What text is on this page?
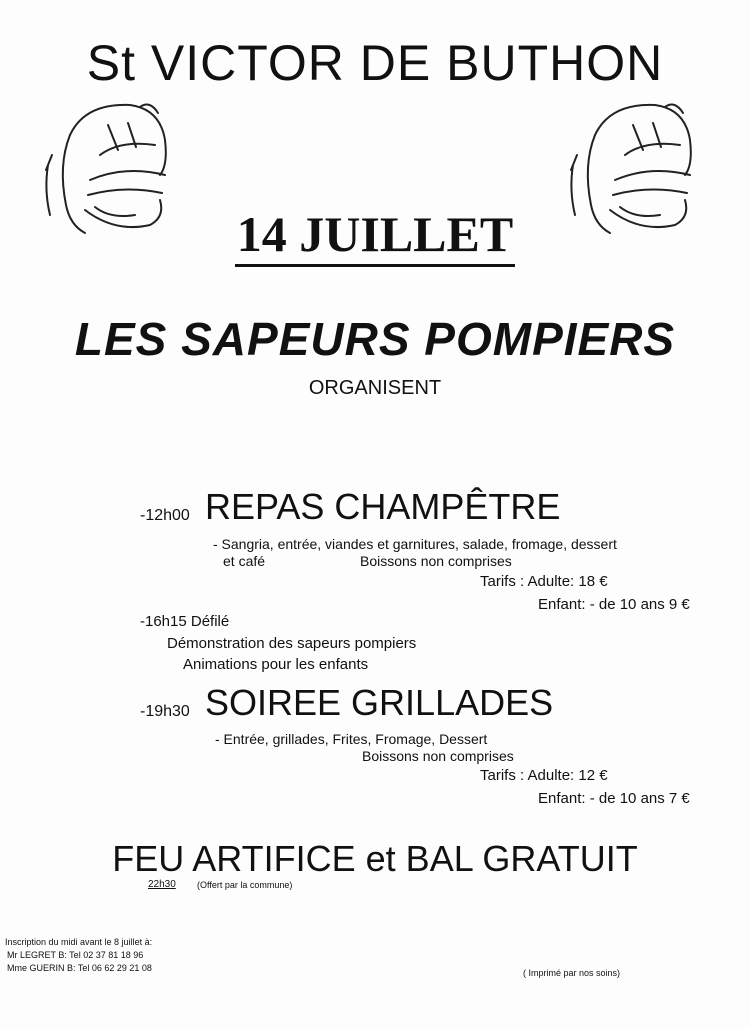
St VICTOR DE BUTHON
14 JUILLET
LES SAPEURS POMPIERS
ORGANISENT
-12h00 REPAS CHAMPÊTRE
- Sangria, entrée, viandes et garnitures, salade, fromage, dessert
et café	Boissons non comprises
Tarifs : Adulte: 18 €
Enfant: - de 10 ans 9 €
-16h15 Défilé
Démonstration des sapeurs pompiers
Animations pour les enfants
-19h30 SOIREE GRILLADES
- Entrée, grillades, Frites, Fromage, Dessert
Boissons non comprises
Tarifs : Adulte: 12 €
Enfant: - de 10 ans 7 €
FEU ARTIFICE et BAL GRATUIT
22h30 (Offert par la commune)
Inscription du midi avant le 8 juillet à:
Mr LEGRET B: Tel 02 37 81 18 96
Mme GUERIN B: Tel 06 62 29 21 08	( Imprimé par nos soins)
